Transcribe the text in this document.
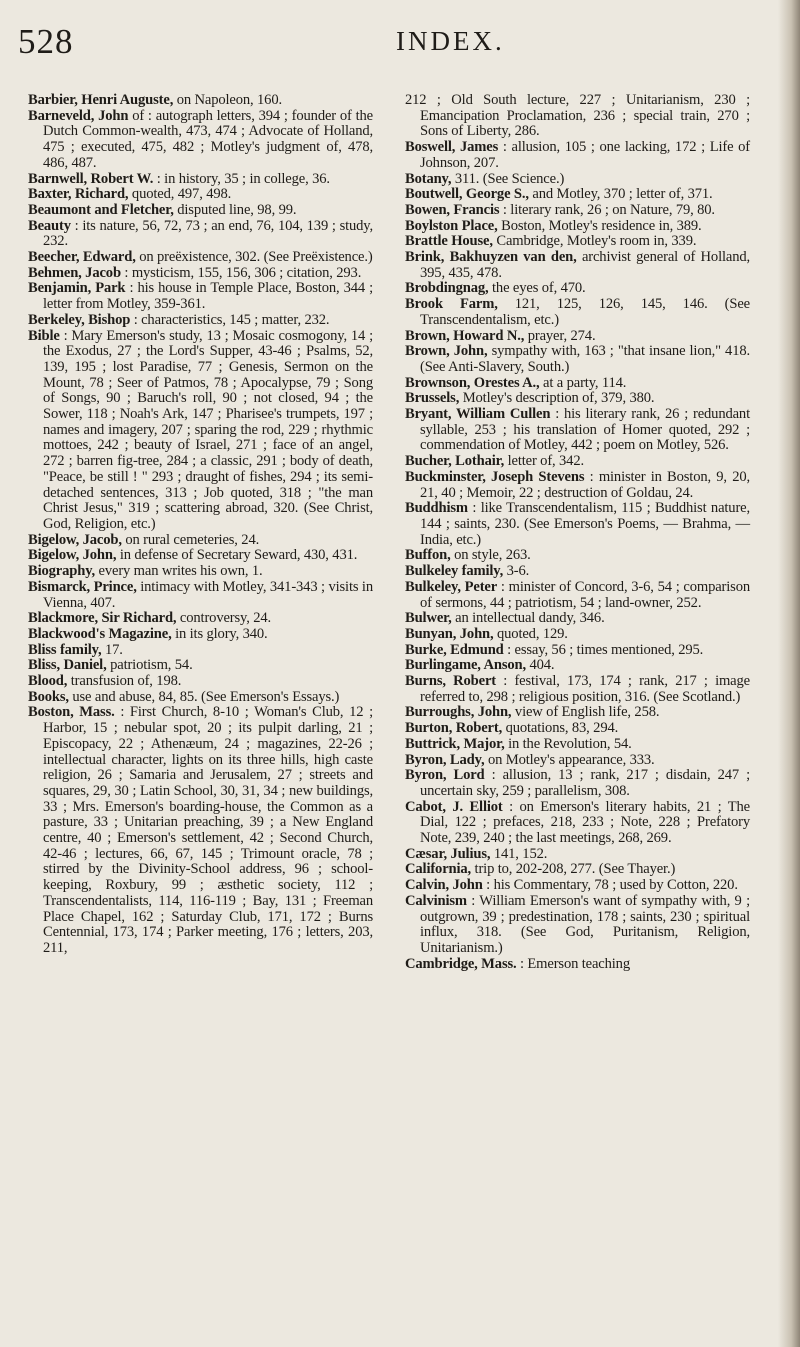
528	INDEX.
Barbier, Henri Auguste, on Napoleon, 160.
Barneveld, John of : autograph letters, 394 ; founder of the Dutch Common-wealth, 473, 474 ; Advocate of Holland, 475 ; executed, 475, 482 ; Motley's judgment of, 478, 486, 487.
Barnwell, Robert W. : in history, 35 ; in college, 36.
Baxter, Richard, quoted, 497, 498.
Beaumont and Fletcher, disputed line, 98, 99.
Beauty : its nature, 56, 72, 73 ; an end, 76, 104, 139 ; study, 232.
Beecher, Edward, on preëxistence, 302. (See Preëxistence.)
Behmen, Jacob : mysticism, 155, 156, 306 ; citation, 293.
Benjamin, Park : his house in Temple Place, Boston, 344 ; letter from Motley, 359-361.
Berkeley, Bishop : characteristics, 145 ; matter, 232.
Bible : Mary Emerson's study, 13 ; Mosaic cosmogony, 14 ; the Exodus, 27 ; the Lord's Supper, 43-46 ; Psalms, 52, 139, 195 ; lost Paradise, 77 ; Genesis, Sermon on the Mount, 78 ; Seer of Patmos, 78 ; Apocalypse, 79 ; Song of Songs, 90 ; Baruch's roll, 90 ; not closed, 94 ; the Sower, 118 ; Noah's Ark, 147 ; Pharisee's trumpets, 197 ; names and imagery, 207 ; sparing the rod, 229 ; rhythmic mottoes, 242 ; beauty of Israel, 271 ; face of an angel, 272 ; barren fig-tree, 284 ; a classic, 291 ; body of death, "Peace, be still ! " 293 ; draught of fishes, 294 ; its semi-detached sentences, 313 ; Job quoted, 318 ; "the man Christ Jesus," 319 ; scattering abroad, 320. (See Christ, God, Religion, etc.)
Bigelow, Jacob, on rural cemeteries, 24.
Bigelow, John, in defense of Secretary Seward, 430, 431.
Biography, every man writes his own, 1.
Bismarck, Prince, intimacy with Motley, 341-343 ; visits in Vienna, 407.
Blackmore, Sir Richard, controversy, 24.
Blackwood's Magazine, in its glory, 340.
Bliss family, 17.
Bliss, Daniel, patriotism, 54.
Blood, transfusion of, 198.
Books, use and abuse, 84, 85. (See Emerson's Essays.)
Boston, Mass. : First Church, 8-10 ; Woman's Club, 12 ; Harbor, 15 ; nebular spot, 20 ; its pulpit darling, 21 ; Episcopacy, 22 ; Athenæum, 24 ; magazines, 22-26 ; intellectual character, lights on its three hills, high caste religion, 26 ; Samaria and Jerusalem, 27 ; streets and squares, 29, 30 ; Latin School, 30, 31, 34 ; new buildings, 33 ; Mrs. Emerson's boarding-house, the Common as a pasture, 33 ; Unitarian preaching, 39 ; a New England centre, 40 ; Emerson's settlement, 42 ; Second Church, 42-46 ; lectures, 66, 67, 145 ; Trimount oracle, 78 ; stirred by the Divinity-School address, 96 ; school-keeping, Roxbury, 99 ; æsthetic society, 112 ; Transcendentalists, 114, 116-119 ; Bay, 131 ; Freeman Place Chapel, 162 ; Saturday Club, 171, 172 ; Burns Centennial, 173, 174 ; Parker meeting, 176 ; letters, 203, 211,
212 ; Old South lecture, 227 ; Unitarianism, 230 ; Emancipation Proclamation, 236 ; special train, 270 ; Sons of Liberty, 286.
Boswell, James : allusion, 105 ; one lacking, 172 ; Life of Johnson, 207.
Botany, 311. (See Science.)
Boutwell, George S., and Motley, 370 ; letter of, 371.
Bowen, Francis : literary rank, 26 ; on Nature, 79, 80.
Boylston Place, Boston, Motley's residence in, 389.
Brattle House, Cambridge, Motley's room in, 339.
Brink, Bakhuyzen van den, archivist general of Holland, 395, 435, 478.
Brobdingnag, the eyes of, 470.
Brook Farm, 121, 125, 126, 145, 146. (See Transcendentalism, etc.)
Brown, Howard N., prayer, 274.
Brown, John, sympathy with, 163 ; "that insane lion," 418. (See Anti-Slavery, South.)
Brownson, Orestes A., at a party, 114.
Brussels, Motley's description of, 379, 380.
Bryant, William Cullen : his literary rank, 26 ; redundant syllable, 253 ; his translation of Homer quoted, 292 ; commendation of Motley, 442 ; poem on Motley, 526.
Bucher, Lothair, letter of, 342.
Buckminster, Joseph Stevens : minister in Boston, 9, 20, 21, 40 ; Memoir, 22 ; destruction of Goldau, 24.
Buddhism : like Transcendentalism, 115 ; Buddhist nature, 144 ; saints, 230. (See Emerson's Poems, — Brahma, — India, etc.)
Buffon, on style, 263.
Bulkeley family, 3-6.
Bulkeley, Peter : minister of Concord, 3-6, 54 ; comparison of sermons, 44 ; patriotism, 54 ; land-owner, 252.
Bulwer, an intellectual dandy, 346.
Bunyan, John, quoted, 129.
Burke, Edmund : essay, 56 ; times mentioned, 295.
Burlingame, Anson, 404.
Burns, Robert : festival, 173, 174 ; rank, 217 ; image referred to, 298 ; religious position, 316. (See Scotland.)
Burroughs, John, view of English life, 258.
Burton, Robert, quotations, 83, 294.
Buttrick, Major, in the Revolution, 54.
Byron, Lady, on Motley's appearance, 333.
Byron, Lord : allusion, 13 ; rank, 217 ; disdain, 247 ; uncertain sky, 259 ; parallelism, 308.
Cabot, J. Elliot : on Emerson's literary habits, 21 ; The Dial, 122 ; prefaces, 218, 233 ; Note, 228 ; Prefatory Note, 239, 240 ; the last meetings, 268, 269.
Cæsar, Julius, 141, 152.
California, trip to, 202-208, 277. (See Thayer.)
Calvin, John : his Commentary, 78 ; used by Cotton, 220.
Calvinism : William Emerson's want of sympathy with, 9 ; outgrown, 39 ; predestination, 178 ; saints, 230 ; spiritual influx, 318. (See God, Puritanism, Religion, Unitarianism.)
Cambridge, Mass. : Emerson teaching
